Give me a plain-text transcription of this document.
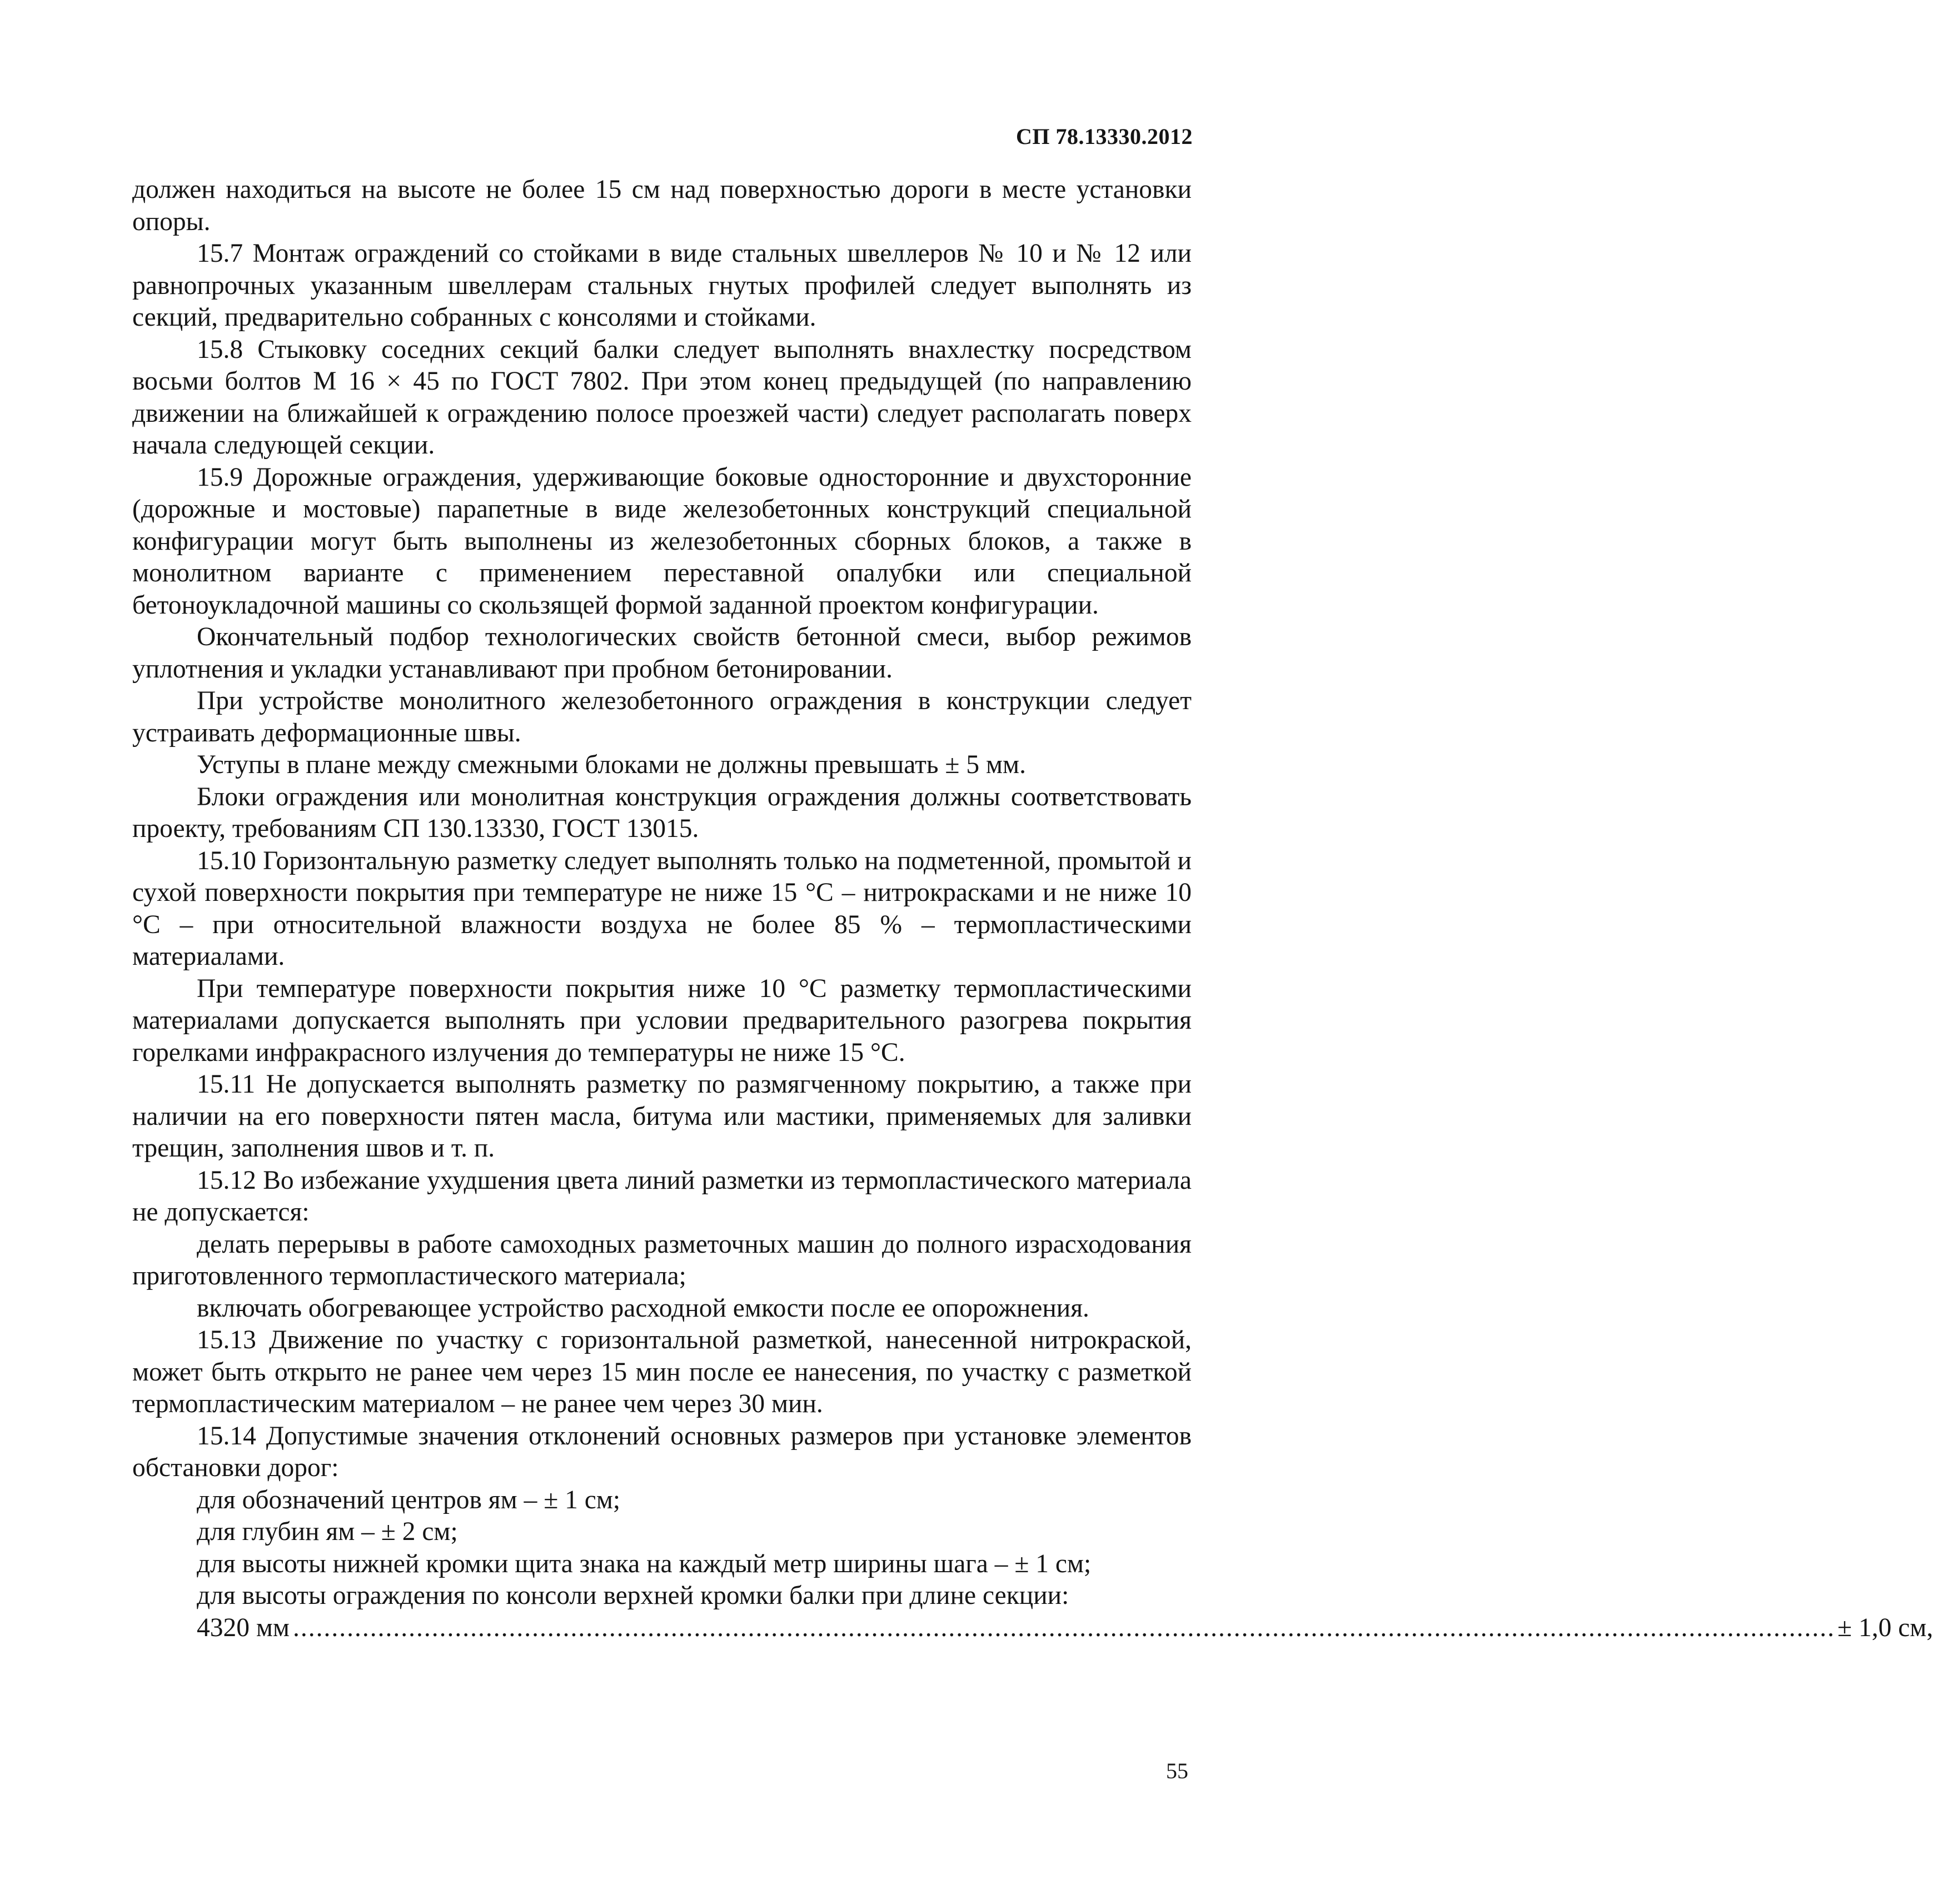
СП 78.13330.2012

должен находиться на высоте не более 15 см над поверхностью дороги в месте установки опоры.

15.7 Монтаж ограждений со стойками в виде стальных швеллеров № 10 и № 12 или равнопрочных указанным швеллерам стальных гнутых профилей следует выполнять из секций, предварительно собранных с консолями и стойками.

15.8 Стыковку соседних секций балки следует выполнять внахлестку посредством восьми болтов М 16 × 45 по ГОСТ 7802. При этом конец предыдущей (по направлению движении на ближайшей к ограждению полосе проезжей части) следует располагать поверх начала следующей секции.

15.9 Дорожные ограждения, удерживающие боковые односторонние и двухсторонние (дорожные и мостовые) парапетные в виде железобетонных конструкций специальной конфигурации могут быть выполнены из железобетонных сборных блоков, а также в монолитном варианте с применением переставной опалубки или специальной бетоноукладочной машины со скользящей формой заданной проектом конфигурации.

Окончательный подбор технологических свойств бетонной смеси, выбор режимов уплотнения и укладки устанавливают при пробном бетонировании.

При устройстве монолитного железобетонного ограждения в конструкции следует устраивать деформационные швы.

Уступы в плане между смежными блоками не должны превышать ± 5 мм.

Блоки ограждения или монолитная конструкция ограждения должны соответствовать проекту, требованиям СП 130.13330, ГОСТ 13015.

15.10 Горизонтальную разметку следует выполнять только на подметенной, промытой и сухой поверхности покрытия при температуре не ниже 15 °С – нитрокрасками и не ниже 10 °С – при относительной влажности воздуха не более 85 % – термопластическими материалами.

При температуре поверхности покрытия ниже 10 °С разметку термопластическими материалами допускается выполнять при условии предварительного разогрева покрытия горелками инфракрасного излучения до температуры не ниже 15 °С.

15.11 Не допускается выполнять разметку по размягченному покрытию, а также при наличии на его поверхности пятен масла, битума или мастики, применяемых для заливки трещин, заполнения швов и т. п.

15.12 Во избежание ухудшения цвета линий разметки из термопластического материала не допускается:

делать перерывы в работе самоходных разметочных машин до полного израсходования приготовленного термопластического материала;

включать обогревающее устройство расходной емкости после ее опорожнения.

15.13 Движение по участку с горизонтальной разметкой, нанесенной нитрокраской, может быть открыто не ранее чем через 15 мин после ее нанесения, по участку с разметкой термопластическим материалом – не ранее чем через 30 мин.

15.14 Допустимые значения отклонений основных размеров при установке элементов обстановки дорог:

для обозначений центров ям – ± 1 см;

для глубин ям – ± 2 см;

для высоты нижней кромки щита знака на каждый метр ширины шага – ± 1 см;

для высоты ограждения по консоли верхней кромки балки при длине секции:

4320 мм ........................................................................................................................................................................................................ ± 1,0 см,
55
